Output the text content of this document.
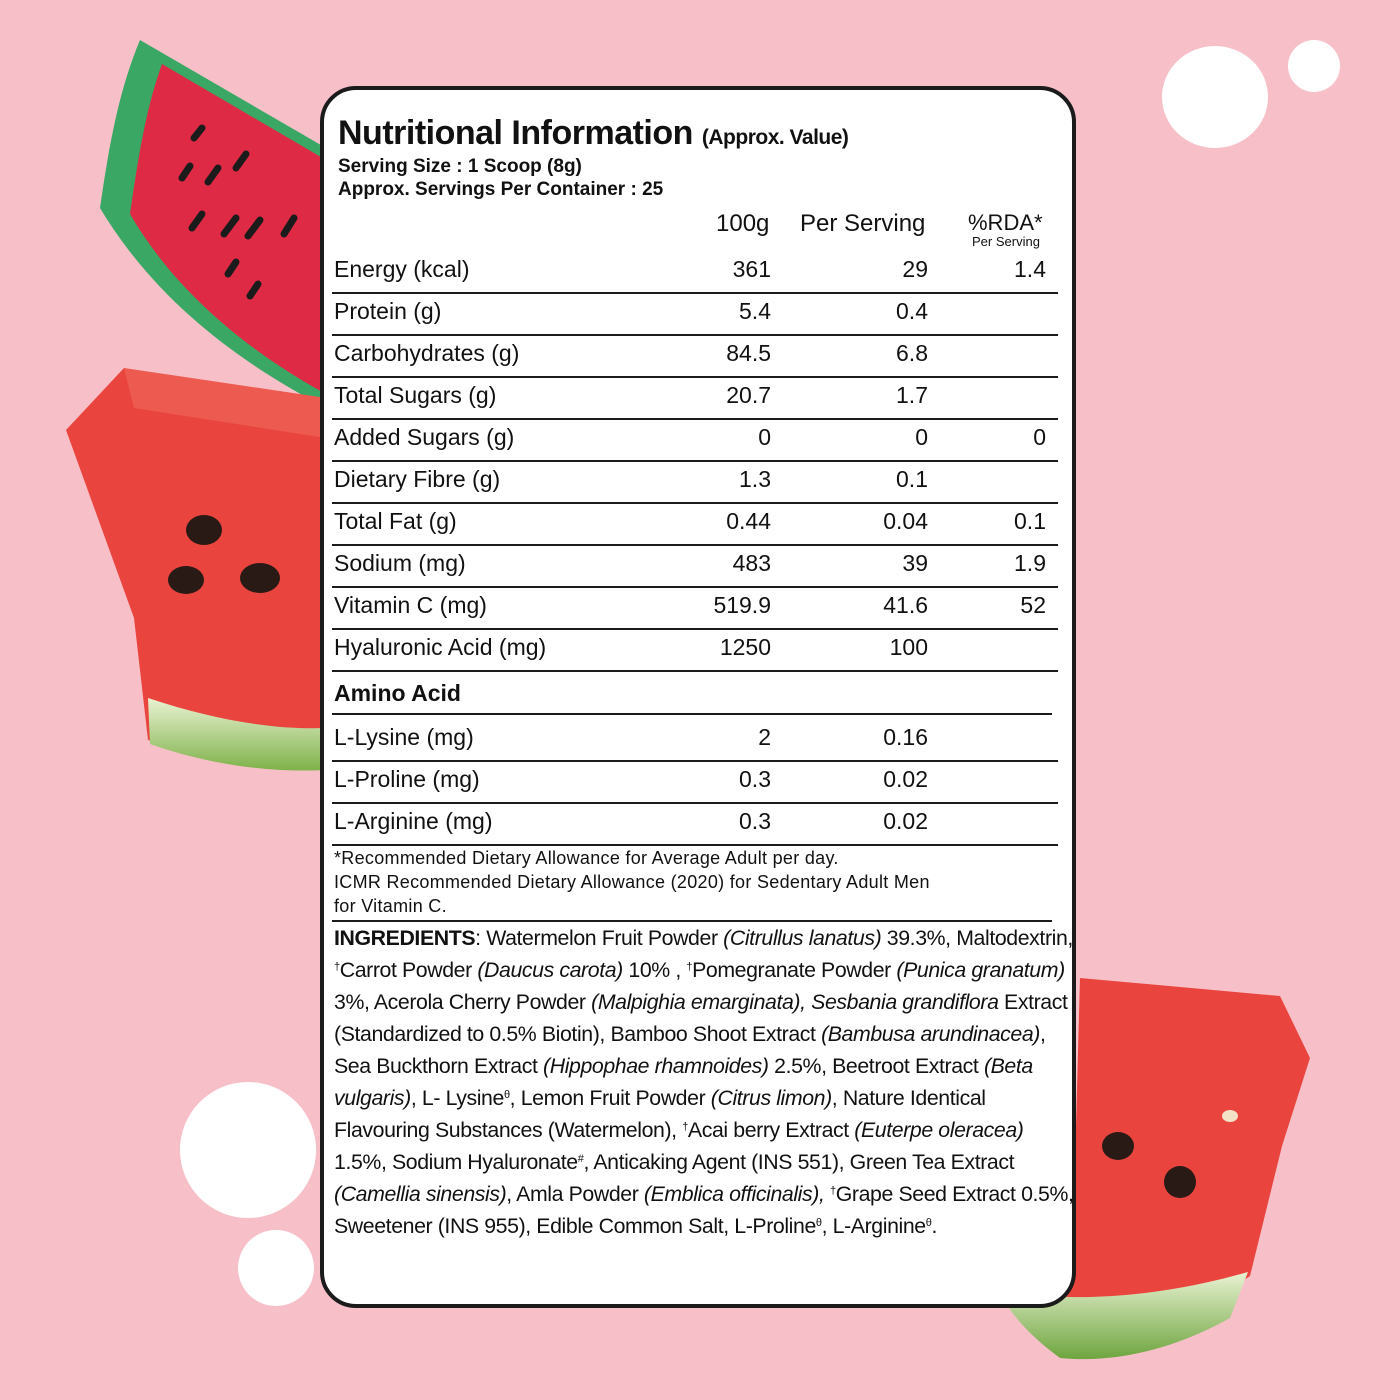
Nutritional Information (Approx. Value)
Serving Size : 1 Scoop (8g)
Approx. Servings Per Container : 25
100g Per Serving %RDA*
Per Serving
Energy (kcal)	361	29	1.4
Protein (g)	5.4	0.4
Carbohydrates (g)	84.5	6.8
Total Sugars (g)	20.7	1.7
Added Sugars (g)	0	0	0
Dietary Fibre (g)	1.3	0.1
Total Fat (g)	0.44	0.04	0.1
Sodium (mg)	483	39	1.9
Vitamin C (mg)	519.9	41.6	52
Hyaluronic Acid (mg)	1250	100
Amino Acid
L-Lysine (mg)	2	0.16
L-Proline (mg)	0.3	0.02
L-Arginine (mg)	0.3	0.02
*Recommended Dietary Allowance for Average Adult per day.
ICMR Recommended Dietary Allowance (2020) for Sedentary Adult Men
for Vitamin C.
INGREDIENTS: Watermelon Fruit Powder (Citrullus lanatus) 39.3%, Maltodextrin, †Carrot Powder (Daucus carota) 10% , †Pomegranate Powder (Punica granatum) 3%, Acerola Cherry Powder (Malpighia emarginata), Sesbania grandiflora Extract (Standardized to 0.5% Biotin), Bamboo Shoot Extract (Bambusa arundinacea), Sea Buckthorn Extract (Hippophae rhamnoides) 2.5%, Beetroot Extract (Beta vulgaris), L- Lysine$^\theta$, Lemon Fruit Powder (Citrus limon), Nature Identical Flavouring Substances (Watermelon), †Acai berry Extract (Euterpe oleracea) 1.5%, Sodium Hyaluronate#, Anticaking Agent (INS 551), Green Tea Extract (Camellia sinensis), Amla Powder (Emblica officinalis), †Grape Seed Extract 0.5%, Sweetener (INS 955), Edible Common Salt, L-Proline$^\theta$, L-Arginine$^\theta$.
